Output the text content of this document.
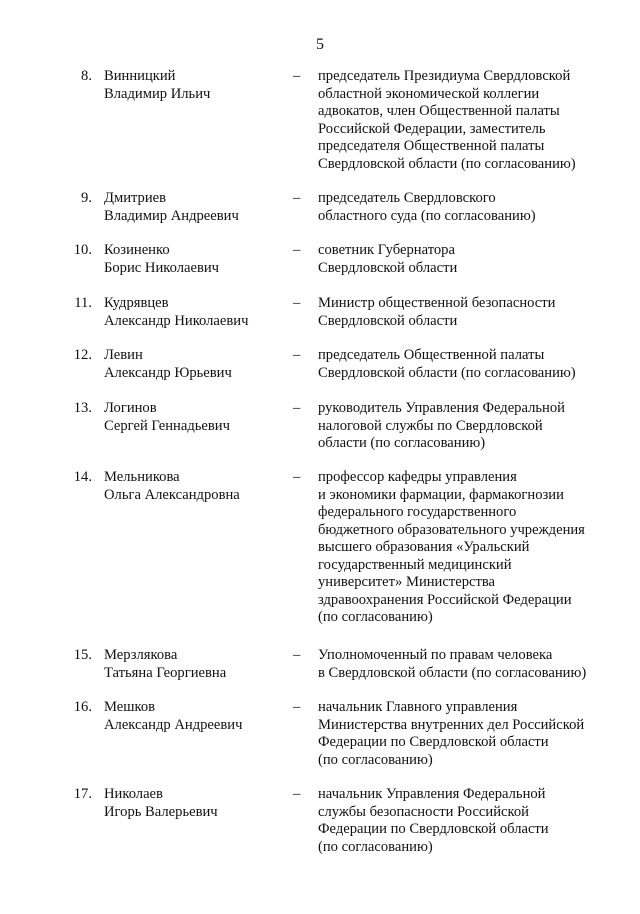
5
8. Винницкий
Владимир Ильич
– председатель Президиума Свердловской
областной экономической коллегии
адвокатов, член Общественной палаты
Российской Федерации, заместитель
председателя Общественной палаты
Свердловской области (по согласованию)
9. Дмитриев
Владимир Андреевич
– председатель Свердловского
областного суда (по согласованию)
10. Козиненко
Борис Николаевич
– советник Губернатора
Свердловской области
11. Кудрявцев
Александр Николаевич
– Министр общественной безопасности
Свердловской области
12. Левин
Александр Юрьевич
– председатель Общественной палаты
Свердловской области (по согласованию)
13. Логинов
Сергей Геннадьевич
– руководитель Управления Федеральной
налоговой службы по Свердловской
области (по согласованию)
14. Мельникова
Ольга Александровна
– профессор кафедры управления
и экономики фармации, фармакогнозии
федерального государственного
бюджетного образовательного учреждения
высшего образования «Уральский
государственный медицинский
университет» Министерства
здравоохранения Российской Федерации
(по согласованию)
15. Мерзлякова
Татьяна Георгиевна
– Уполномоченный по правам человека
в Свердловской области (по согласованию)
16. Мешков
Александр Андреевич
– начальник Главного управления
Министерства внутренних дел Российской
Федерации по Свердловской области
(по согласованию)
17. Николаев
Игорь Валерьевич
– начальник Управления Федеральной
службы безопасности Российской
Федерации по Свердловской области
(по согласованию)
